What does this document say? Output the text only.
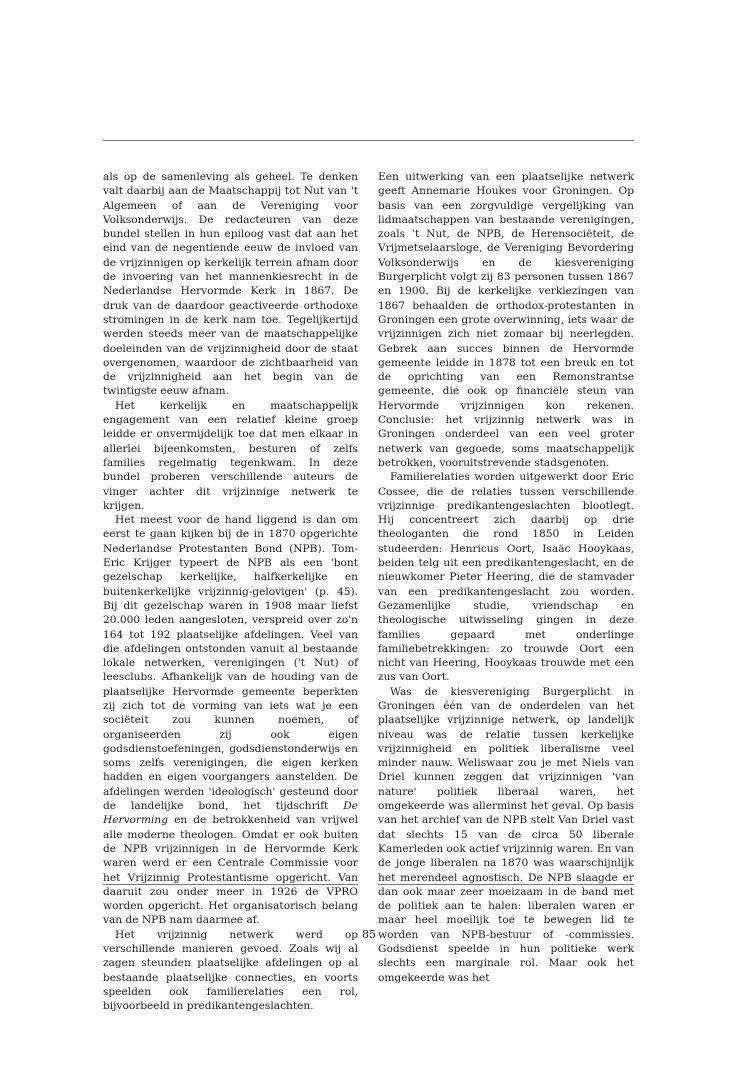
als op de samenleving als geheel. Te denken valt daarbij aan de Maatschappij tot Nut van 't Algemeen of aan de Vereniging voor Volksonderwijs. De redacteuren van deze bundel stellen in hun epiloog vast dat aan het eind van de negentiende eeuw de invloed van de vrijzinnigen op kerkelijk terrein afnam door de invoering van het mannenkiesrecht in de Nederlandse Hervormde Kerk in 1867. De druk van de daardoor geactiveerde orthodoxe stromingen in de kerk nam toe. Tegelijkertijd werden steeds meer van de maatschappelijke doeleinden van de vrijzinnigheid door de staat overgenomen, waardoor de zichtbaarheid van de vrijzinnigheid aan het begin van de twintigste eeuw afnam.

Het kerkelijk en maatschappelijk engagement van een relatief kleine groep leidde er onvermijdelijk toe dat men elkaar in allerlei bijeenkomsten, besturen of zelfs families regelmatig tegenkwam. In deze bundel proberen verschillende auteurs de vinger achter dit vrijzinnige netwerk te krijgen.

Het meest voor de hand liggend is dan om eerst te gaan kijken bij de in 1870 opgerichte Nederlandse Protestanten Bond (NPB). Tom-Eric Krijger typeert de NPB als een 'bont gezelschap kerkelijke, halfkerkelijke en buitenkerkelijke vrijzinnig-gelovigen' (p. 45). Bij dit gezelschap waren in 1908 maar liefst 20.000 leden aangesloten, verspreid over zo'n 164 tot 192 plaatselijke afdelingen. Veel van die afdelingen ontstonden vanuit al bestaande lokale netwerken, verenigingen ('t Nut) of leesclubs. Afhankelijk van de houding van de plaatselijke Hervormde gemeente beperkten zij zich tot de vorming van iets wat je een sociëteit zou kunnen noemen, of organiseerden zij ook eigen godsdienstoefeningen, godsdienstonderwijs en soms zelfs verenigingen, die eigen kerken hadden en eigen voorgangers aanstelden. De afdelingen werden 'ideologisch' gesteund door de landelijke bond, het tijdschrift De Hervorming en de betrokkenheid van vrijwel alle moderne theologen. Omdat er ook buiten de NPB vrijzinnigen in de Hervormde Kerk waren werd er een Centrale Commissie voor het Vrijzinnig Protestantisme opgericht. Van daaruit zou onder meer in 1926 de VPRO worden opgericht. Het organisatorisch belang van de NPB nam daarmee af.

Het vrijzinnig netwerk werd op verschillende manieren gevoed. Zoals wij al zagen steunden plaatselijke afdelingen op al bestaande plaatselijke connecties, en voorts speelden ook familierelaties een rol, bijvoorbeeld in predikantengeslachten.

Een uitwerking van een plaatselijke netwerk geeft Annemarie Houkes voor Groningen. Op basis van een zorgvuldige vergelijking van lidmaatschappen van bestaande verenigingen, zoals 't Nut, de NPB, de Herensociëteit, de Vrijmetselaarsloge, de Vereniging Bevordering Volksonderwijs en de kiesvereniging Burgerplicht volgt zij 83 personen tussen 1867 en 1900. Bij de kerkelijke verkiezingen van 1867 behaalden de orthodox-protestanten in Groningen een grote overwinning, iets waar de vrijzinnigen zich niet zomaar bij neerlegden. Gebrek aan succes binnen de Hervormde gemeente leidde in 1878 tot een breuk en tot de oprichting van een Remonstrantse gemeente, die ook op financiële steun van Hervormde vrijzinnigen kon rekenen. Conclusie: het vrijzinnig netwerk was in Groningen onderdeel van een veel groter netwerk van gegoede, soms maatschappelijk betrokken, vooruitstrevende stadsgenoten.

Familierelaties worden uitgewerkt door Eric Cossee, die de relaties tussen verschillende vrijzinnige predikantengeslachten blootlegt. Hij concentreert zich daarbij op drie theologanten die rond 1850 in Leiden studeerden: Henricus Oort, Isaäc Hooykaas, beiden telg uit een predikantengeslacht, en de nieuwkomer Pieter Heering, die de stamvader van een predikantengeslacht zou worden. Gezamenlijke studie, vriendschap en theologische uitwisseling gingen in deze families gepaard met onderlinge familiebetrekkingen: zo trouwde Oort een nicht van Heering, Hooykaas trouwde met een zus van Oort.

Was de kiesvereniging Burgerplicht in Groningen één van de onderdelen van het plaatselijke vrijzinnige netwerk, op landelijk niveau was de relatie tussen kerkelijke vrijzinnigheid en politiek liberalisme veel minder nauw. Weliswaar zou je met Niels van Driel kunnen zeggen dat vrijzinnigen 'van nature' politiek liberaal waren, het omgekeerde was allerminst het geval. Op basis van het archief van de NPB stelt Van Driel vast dat slechts 15 van de circa 50 liberale Kamerleden ook actief vrijzinnig waren. En van de jonge liberalen na 1870 was waarschijnlijk het merendeel agnostisch. De NPB slaagde er dan ook maar zeer moeizaam in de band met de politiek aan te halen: liberalen waren er maar heel moeilijk toe te bewegen lid te worden van NPB-bestuur of -commissies. Godsdienst speelde in hun politieke werk slechts een marginale rol. Maar ook het omgekeerde was het

85
